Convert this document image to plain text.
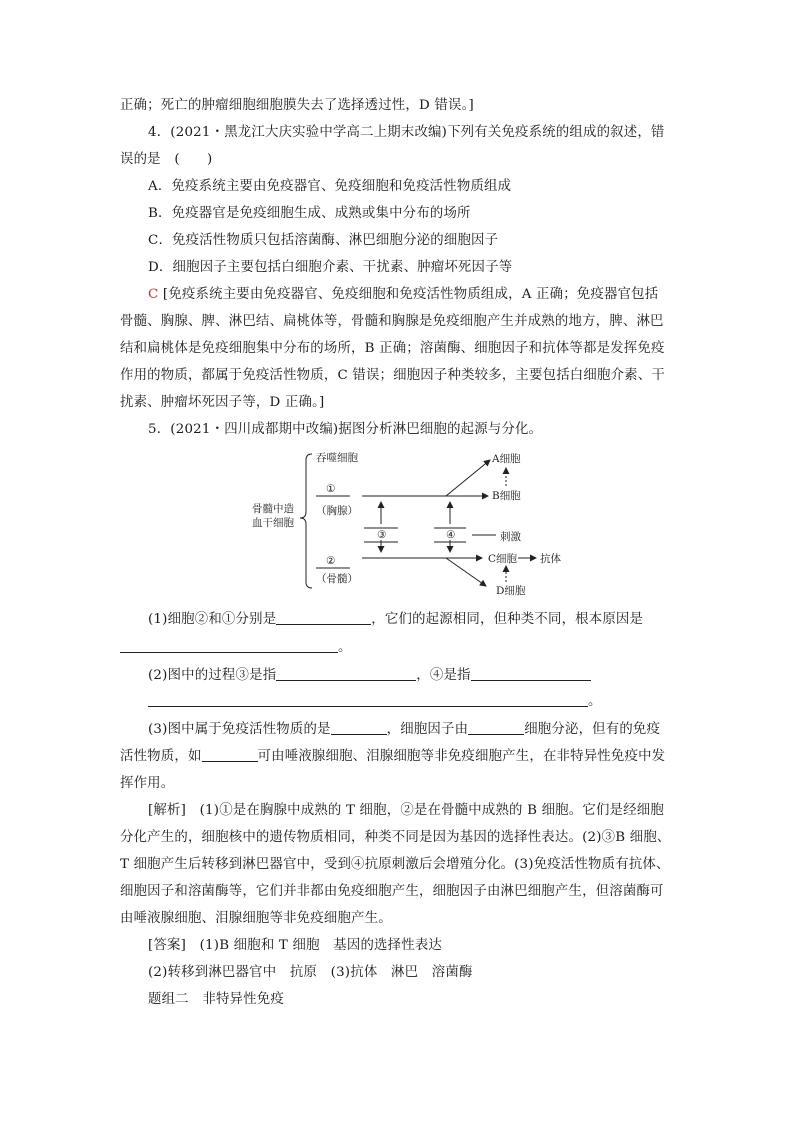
正确；死亡的肿瘤细胞细胞膜失去了选择透过性，D 错误。]
4．(2021・黑龙江大庆实验中学高二上期末改编)下列有关免疫系统的组成的叙述，错
误的是　(　　)
A．免疫系统主要由免疫器官、免疫细胞和免疫活性物质组成
B．免疫器官是免疫细胞生成、成熟或集中分布的场所
C．免疫活性物质只包括溶菌酶、淋巴细胞分泌的细胞因子
D．细胞因子主要包括白细胞介素、干扰素、肿瘤坏死因子等
C [免疫系统主要由免疫器官、免疫细胞和免疫活性物质组成，A 正确；免疫器官包括
骨髓、胸腺、脾、淋巴结、扁桃体等，骨髓和胸腺是免疫细胞产生并成熟的地方，脾、淋巴
结和扁桃体是免疫细胞集中分布的场所，B 正确；溶菌酶、细胞因子和抗体等都是发挥免疫
作用的物质，都属于免疫活性物质，C 错误；细胞因子种类较多，主要包括白细胞介素、干
扰素、肿瘤坏死因子等，D 正确。]
5．(2021・四川成都期中改编)据图分析淋巴细胞的起源与分化。
骨髓中造
血干细胞
吞噬细胞
①
（胸腺）
②
（骨髓）
③	④	刺激
A细胞
B细胞
C细胞 抗体
D细胞
(1)细胞②和①分别是	，它们的起源相同，但种类不同，根本原因是
。
(2)图中的过程③是指	，④是指
。
(3)图中属于免疫活性物质的是	，细胞因子由	细胞分泌，但有的免疫
活性物质，如	可由唾液腺细胞、泪腺细胞等非免疫细胞产生，在非特异性免疫中发
挥作用。
[解析]　(1)①是在胸腺中成熟的 T 细胞，②是在骨髓中成熟的 B 细胞。它们是经细胞
分化产生的，细胞核中的遗传物质相同，种类不同是因为基因的选择性表达。(2)③B 细胞、
T 细胞产生后转移到淋巴器官中，受到④抗原刺激后会增殖分化。(3)免疫活性物质有抗体、
细胞因子和溶菌酶等，它们并非都由免疫细胞产生，细胞因子由淋巴细胞产生，但溶菌酶可
由唾液腺细胞、泪腺细胞等非免疫细胞产生。
[答案]　(1)B 细胞和 T 细胞　基因的选择性表达
(2)转移到淋巴器官中　抗原　(3)抗体　淋巴　溶菌酶
题组二　非特异性免疫
